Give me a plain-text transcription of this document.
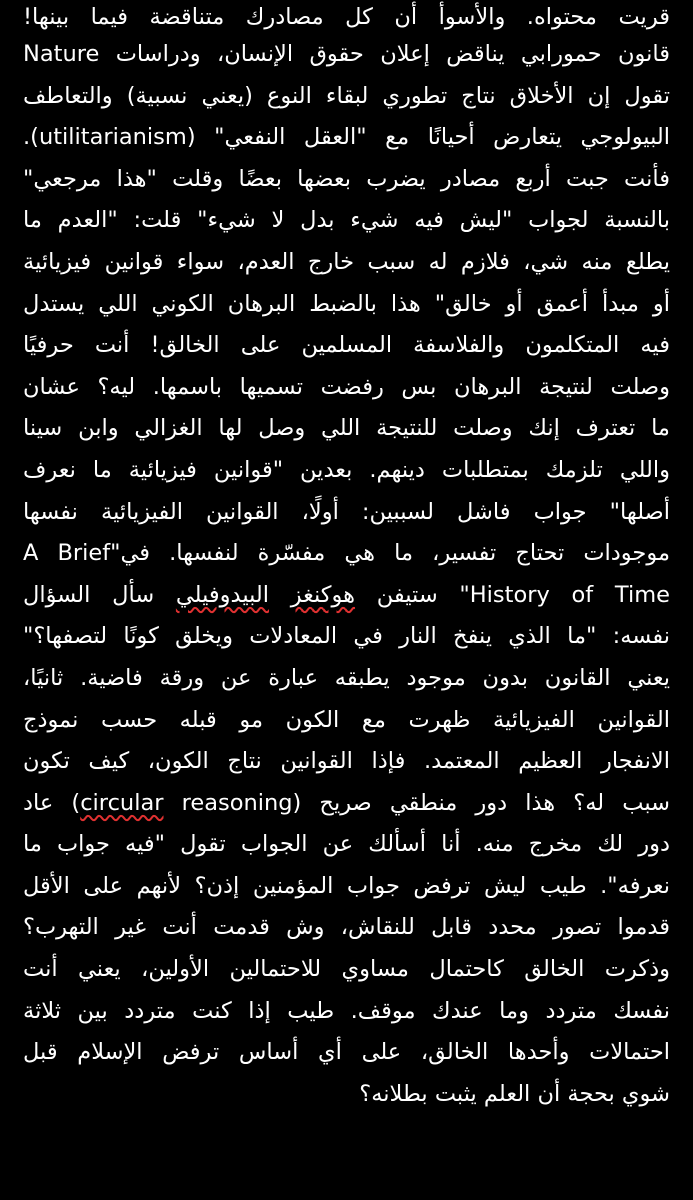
قريت محتواه. والأسوأ أن كل مصادرك متناقضة فيما بينها!
قانون حمورابي يناقض إعلان حقوق الإنسان، ودراسات Nature
تقول إن الأخلاق نتاج تطوري لبقاء النوع (يعني نسبية) والتعاطف
البيولوجي يتعارض أحيانًا مع "العقل النفعي" (utilitarianism).
فأنت جبت أربع مصادر يضرب بعضها بعضًا وقلت "هذا مرجعي"
بالنسبة لجواب "ليش فيه شيء بدل لا شيء" قلت: "العدم ما
يطلع منه شي، فلازم له سبب خارج العدم، سواء قوانين فيزيائية
أو مبدأ أعمق أو خالق" هذا بالضبط البرهان الكوني اللي يستدل
فيه المتكلمون والفلاسفة المسلمين على الخالق! أنت حرفيًا
وصلت لنتيجة البرهان بس رفضت تسميها باسمها. ليه؟ عشان
ما تعترف إنك وصلت للنتيجة اللي وصل لها الغزالي وابن سينا
واللي تلزمك بمتطلبات دينهم. بعدين "قوانين فيزيائية ما نعرف
أصلها" جواب فاشل لسببين: أولًا، القوانين الفيزيائية نفسها
موجودات تحتاج تفسير، ما هي مفسّرة لنفسها. في"A Brief
History of Time" ستيفن هوكنغز البيدوفيلي سأل السؤال
نفسه: "ما الذي ينفخ النار في المعادلات ويخلق كونًا لتصفها؟"
يعني القانون بدون موجود يطبقه عبارة عن ورقة فاضية. ثانيًا،
القوانين الفيزيائية ظهرت مع الكون مو قبله حسب نموذج
الانفجار العظيم المعتمد. فإذا القوانين نتاج الكون، كيف تكون
سبب له؟ هذا دور منطقي صريح (circular reasoning) عاد
دور لك مخرج منه. أنا أسألك عن الجواب تقول "فيه جواب ما
نعرفه". طيب ليش ترفض جواب المؤمنين إذن؟ لأنهم على الأقل
قدموا تصور محدد قابل للنقاش، وش قدمت أنت غير التهرب؟
وذكرت الخالق كاحتمال مساوي للاحتمالين الأولين، يعني أنت
نفسك متردد وما عندك موقف. طيب إذا كنت متردد بين ثلاثة
احتمالات وأحدها الخالق، على أي أساس ترفض الإسلام قبل
شوي بحجة أن العلم يثبت بطلانه؟
